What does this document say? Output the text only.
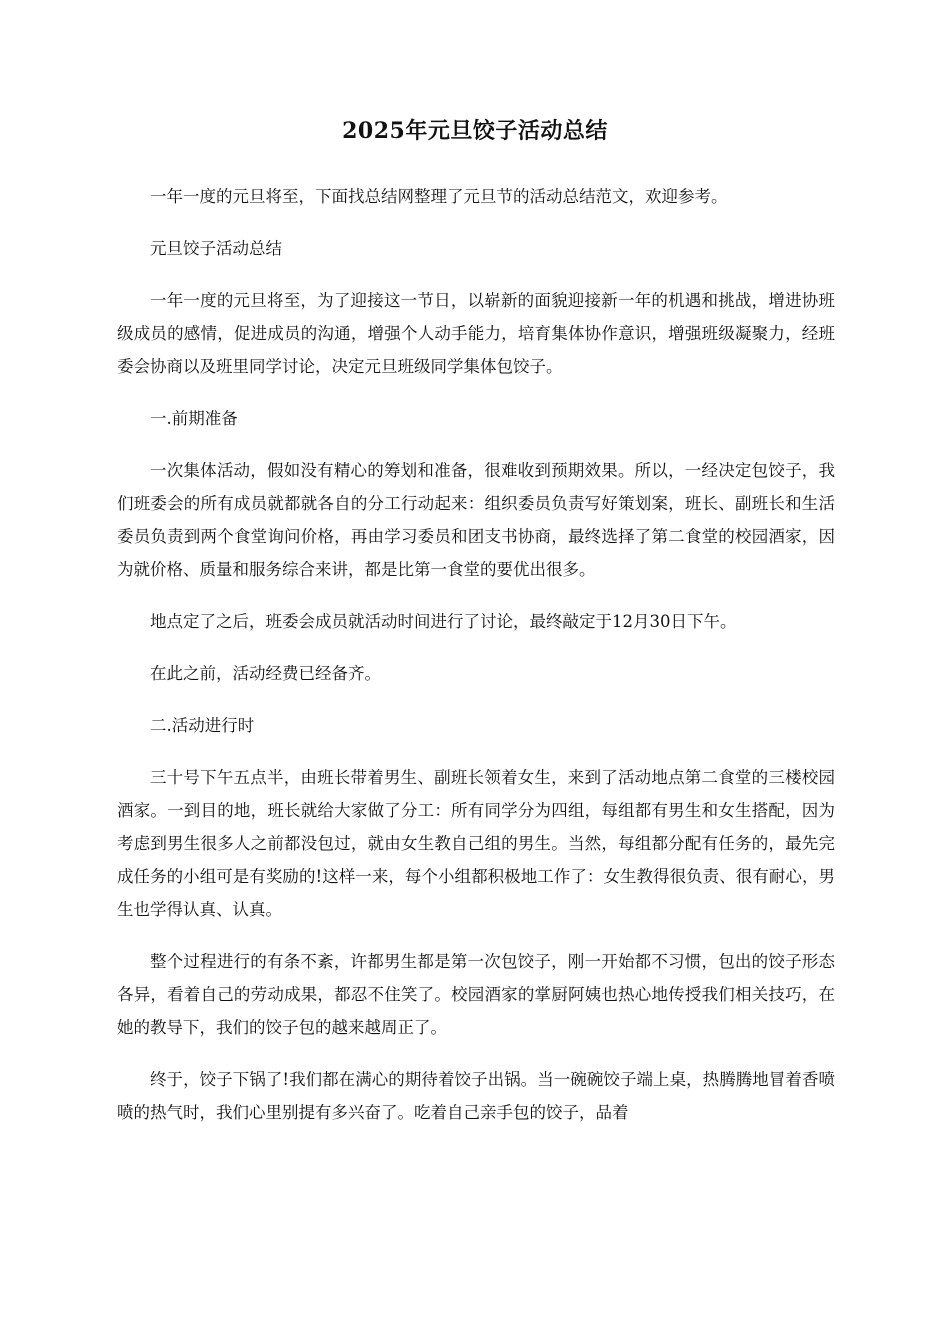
2025年元旦饺子活动总结

一年一度的元旦将至，下面找总结网整理了元旦节的活动总结范文，欢迎参考。

元旦饺子活动总结

一年一度的元旦将至，为了迎接这一节日，以崭新的面貌迎接新一年的机遇和挑战，增进协班级成员的感情，促进成员的沟通，增强个人动手能力，培育集体协作意识，增强班级凝聚力，经班委会协商以及班里同学讨论，决定元旦班级同学集体包饺子。

一.前期准备

一次集体活动，假如没有精心的筹划和准备，很难收到预期效果。所以，一经决定包饺子，我们班委会的所有成员就都就各自的分工行动起来：组织委员负责写好策划案，班长、副班长和生活委员负责到两个食堂询问价格，再由学习委员和团支书协商，最终选择了第二食堂的校园酒家，因为就价格、质量和服务综合来讲，都是比第一食堂的要优出很多。

地点定了之后，班委会成员就活动时间进行了讨论，最终敲定于12月30日下午。

在此之前，活动经费已经备齐。

二.活动进行时

三十号下午五点半，由班长带着男生、副班长领着女生，来到了活动地点第二食堂的三楼校园酒家。一到目的地，班长就给大家做了分工：所有同学分为四组，每组都有男生和女生搭配，因为考虑到男生很多人之前都没包过，就由女生教自己组的男生。当然，每组都分配有任务的，最先完成任务的小组可是有奖励的!这样一来，每个小组都积极地工作了：女生教得很负责、很有耐心，男生也学得认真、认真。

整个过程进行的有条不紊，许都男生都是第一次包饺子，刚一开始都不习惯，包出的饺子形态各异，看着自己的劳动成果，都忍不住笑了。校园酒家的掌厨阿姨也热心地传授我们相关技巧，在她的教导下，我们的饺子包的越来越周正了。

终于，饺子下锅了!我们都在满心的期待着饺子出锅。当一碗碗饺子端上桌，热腾腾地冒着香喷喷的热气时，我们心里别提有多兴奋了。吃着自己亲手包的饺子，品着
